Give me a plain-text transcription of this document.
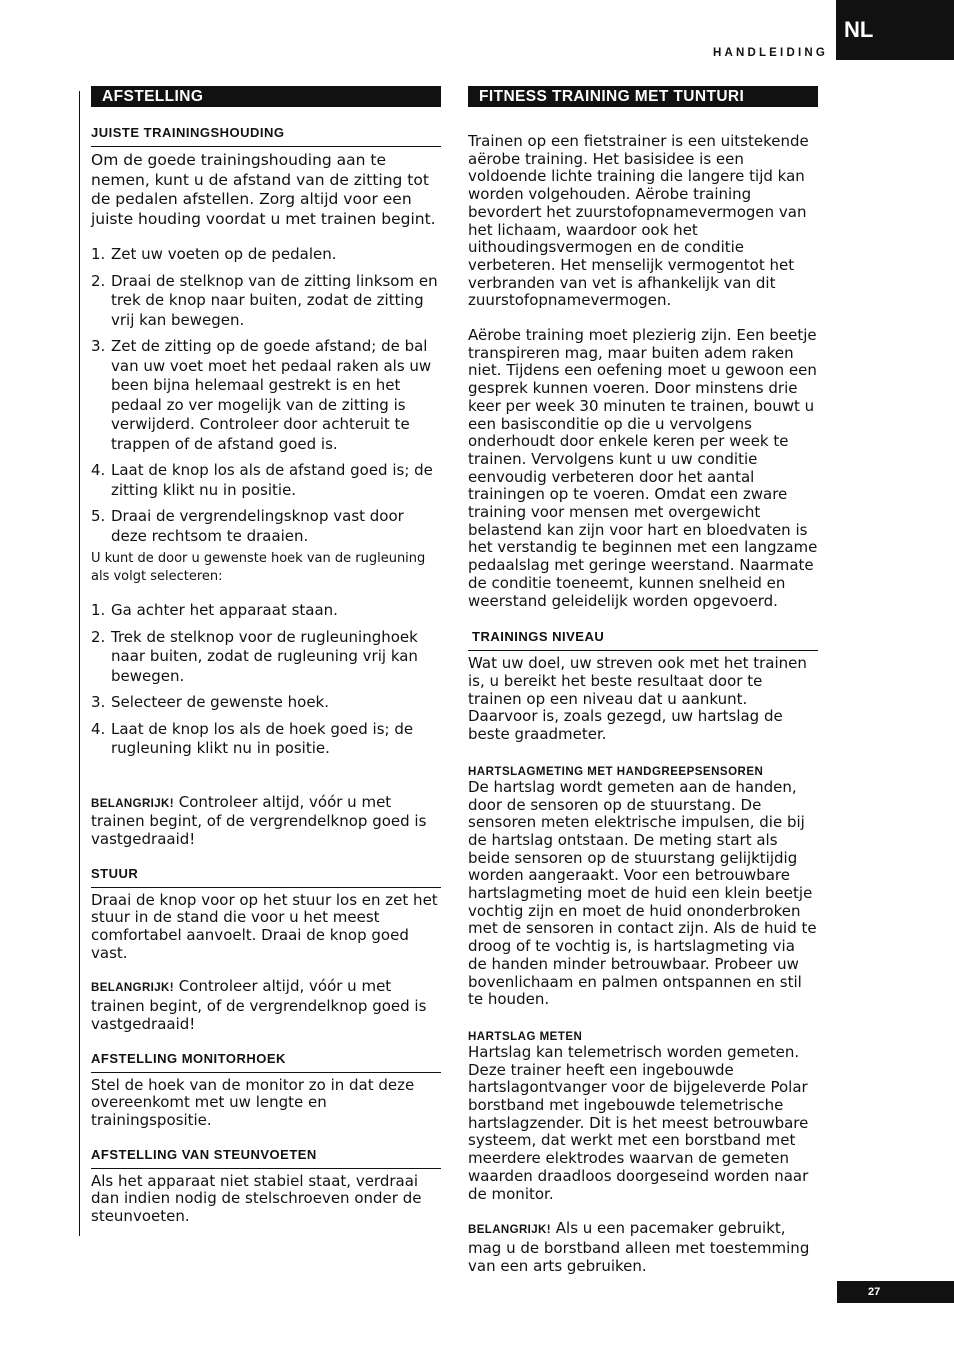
HANDLEIDING
NL
AFSTELLING
JUISTE TRAININGSHOUDING

Om de goede trainingshouding aan te nemen, kunt u de afstand van de zitting tot de pedalen afstellen. Zorg altijd voor een juiste houding voordat u met trainen begint.

1. Zet uw voeten op de pedalen.
2. Draai de stelknop van de zitting linksom en trek de knop naar buiten, zodat de zitting vrij kan bewegen.
3. Zet de zitting op de goede afstand; de bal van uw voet moet het pedaal raken als uw been bijna helemaal gestrekt is en het pedaal zo ver mogelijk van de zitting is verwijderd. Controleer door achteruit te trappen of de afstand goed is.
4. Laat de knop los als de afstand goed is; de zitting klikt nu in positie.
5. Draai de vergrendelingsknop vast door deze rechtsom te draaien.

U kunt de door u gewenste hoek van de rugleuning als volgt selecteren:

1. Ga achter het apparaat staan.
2. Trek de stelknop voor de rugleuninghoek naar buiten, zodat de rugleuning vrij kan bewegen.
3. Selecteer de gewenste hoek.
4. Laat de knop los als de hoek goed is; de rugleuning klikt nu in positie.

BELANGRIJK! Controleer altijd, vóór u met trainen begint, of de vergrendelknop goed is vastgedraaid!

STUUR

Draai de knop voor op het stuur los en zet het stuur in de stand die voor u het meest comfortabel aanvoelt. Draai de knop goed vast.

BELANGRIJK! Controleer altijd, vóór u met trainen begint, of de vergrendelknop goed is vastgedraaid!

AFSTELLING MONITORHOEK

Stel de hoek van de monitor zo in dat deze overeenkomt met uw lengte en trainingspositie.

AFSTELLING VAN STEUNVOETEN

Als het apparaat niet stabiel staat, verdraai dan indien nodig de stelschroeven onder de steunvoeten.

FITNESS TRAINING MET TUNTURI

Trainen op een fietstrainer is een uitstekende aërobe training. Het basisidee is een voldoende lichte training die langere tijd kan worden volgehouden. Aërobe training bevordert het zuurstofopnamevermogen van het lichaam, waardoor ook het uithoudingsvermogen en de conditie verbeteren. Het menselijk vermogentot het verbranden van vet is afhankelijk van dit zuurstofopnamevermogen.

Aërobe training moet plezierig zijn. Een beetje transpireren mag, maar buiten adem raken niet. Tijdens een oefening moet u gewoon een gesprek kunnen voeren. Door minstens drie keer per week 30 minuten te trainen, bouwt u een basisconditie op die u vervolgens onderhoudt door enkele keren per week te trainen. Vervolgens kunt u uw conditie eenvoudig verbeteren door het aantal trainingen op te voeren. Omdat een zware training voor mensen met overgewicht belastend kan zijn voor hart en bloedvaten is het verstandig te beginnen met een langzame pedaalslag met geringe weerstand. Naarmate de conditie toeneemt, kunnen snelheid en weerstand geleidelijk worden opgevoerd.

TRAININGS NIVEAU

Wat uw doel, uw streven ook met het trainen is, u bereikt het beste resultaat door te trainen op een niveau dat u aankunt. Daarvoor is, zoals gezegd, uw hartslag de beste graadmeter.

HARTSLAGMETING MET HANDGREEPSENSOREN

De hartslag wordt gemeten aan de handen, door de sensoren op de stuurstang. De sensoren meten elektrische impulsen, die bij de hartslag ontstaan. De meting start als beide sensoren op de stuurstang gelijktijdig worden aangeraakt. Voor een betrouwbare hartslagmeting moet de huid een klein beetje vochtig zijn en moet de huid ononderbroken met de sensoren in contact zijn. Als de huid te droog of te vochtig is, is hartslagmeting via de handen minder betrouwbaar. Probeer uw bovenlichaam en palmen ontspannen en stil te houden.

HARTSLAG METEN

Hartslag kan telemetrisch worden gemeten. Deze trainer heeft een ingebouwde hartslagontvanger voor de bijgeleverde Polar borstband met ingebouwde telemetrische hartslagzender. Dit is het meest betrouwbare systeem, dat werkt met een borstband met meerdere elektrodes waarvan de gemeten waarden draadloos doorgeseind worden naar de monitor.

BELANGRIJK! Als u een pacemaker gebruikt, mag u de borstband alleen met toestemming van een arts gebruiken.

27
